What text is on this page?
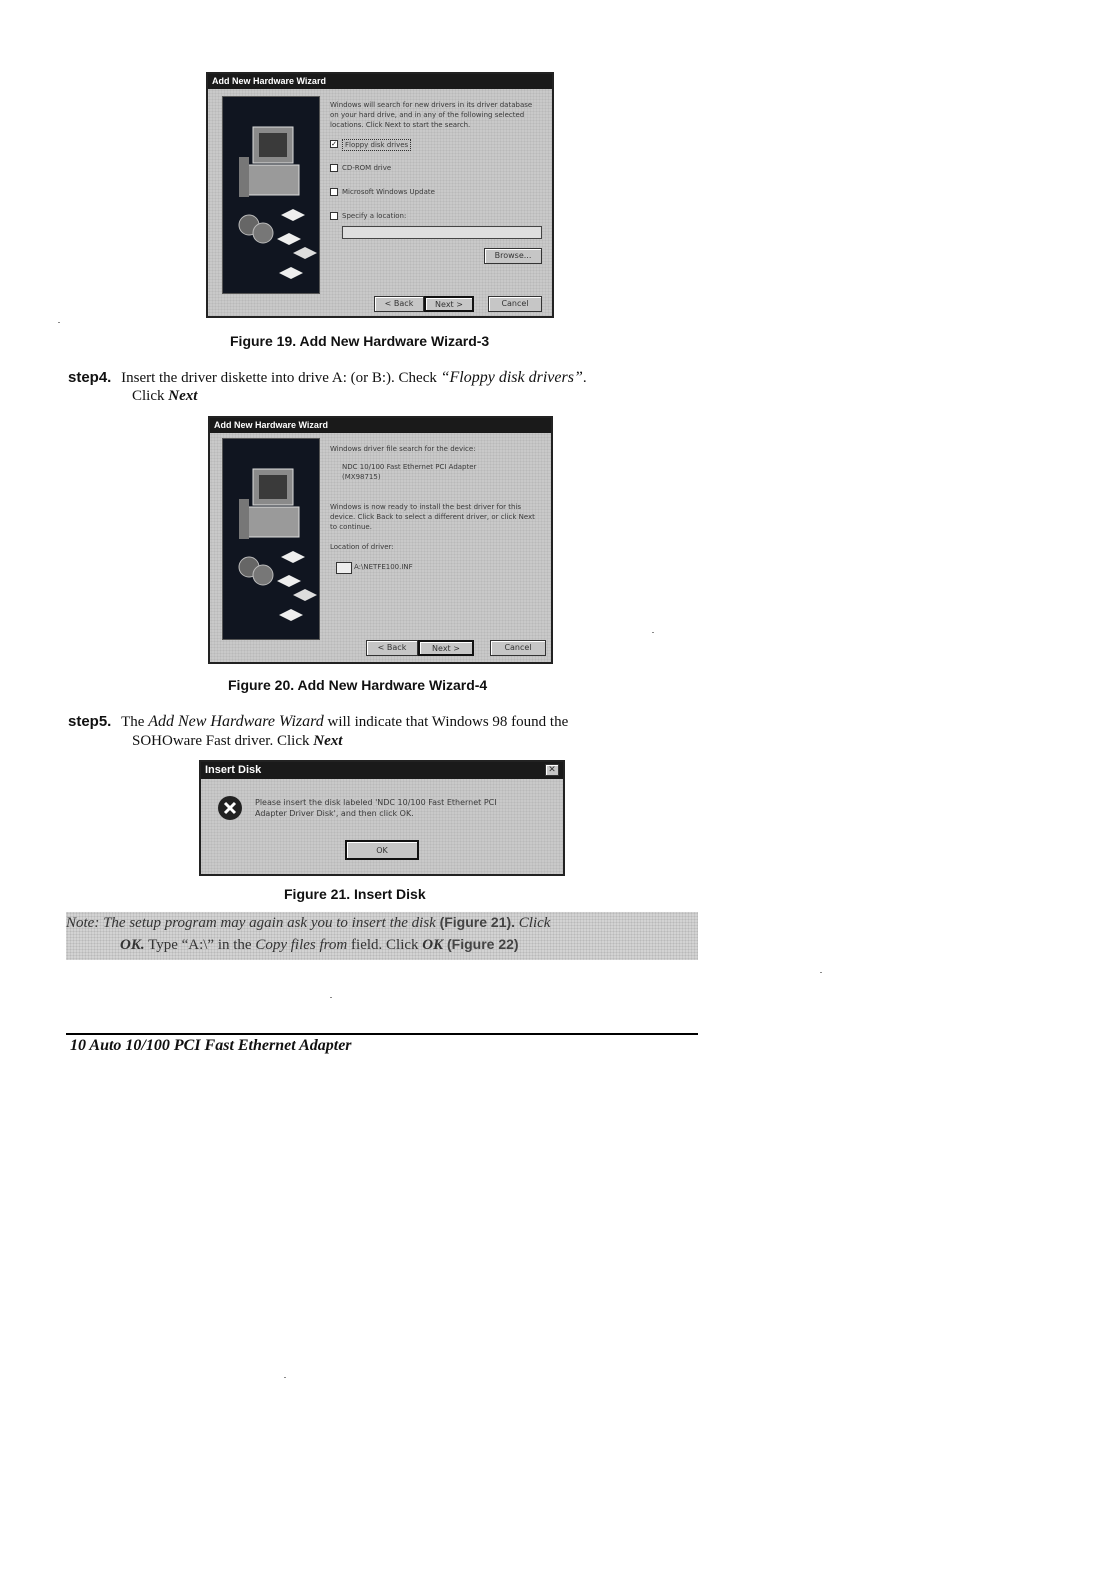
Add New Hardware Wizard
Windows will search for new drivers in its driver database
on your hard drive, and in any of the following selected
locations. Click Next to start the search.
✓	Floppy disk drives
CD-ROM drive
Microsoft Windows Update
Specify a location:
Browse...
< Back	Next >	Cancel
Figure 19. Add New Hardware Wizard-3
step4. Insert the driver diskette into drive A: (or B:). Check “Floppy disk drivers”.
Click Next
Add New Hardware Wizard
Windows driver file search for the device:
NDC 10/100 Fast Ethernet PCI Adapter
(MX98715)
Windows is now ready to install the best driver for this
device. Click Back to select a different driver, or click Next
to continue.
Location of driver:
A:\NETFE100.INF
< Back	Next >	Cancel
Figure 20. Add New Hardware Wizard-4
step5. The Add New Hardware Wizard will indicate that Windows 98 found the
SOHOware Fast driver. Click Next
Insert Disk	✕
Please insert the disk labeled 'NDC 10/100 Fast Ethernet PCI
Adapter Driver Disk', and then click OK.
OK
Figure 21. Insert Disk
Note: The setup program may again ask you to insert the disk (Figure 21). Click
OK. Type “A:\” in the Copy files from field. Click OK (Figure 22)
10 Auto 10/100 PCI Fast Ethernet Adapter
